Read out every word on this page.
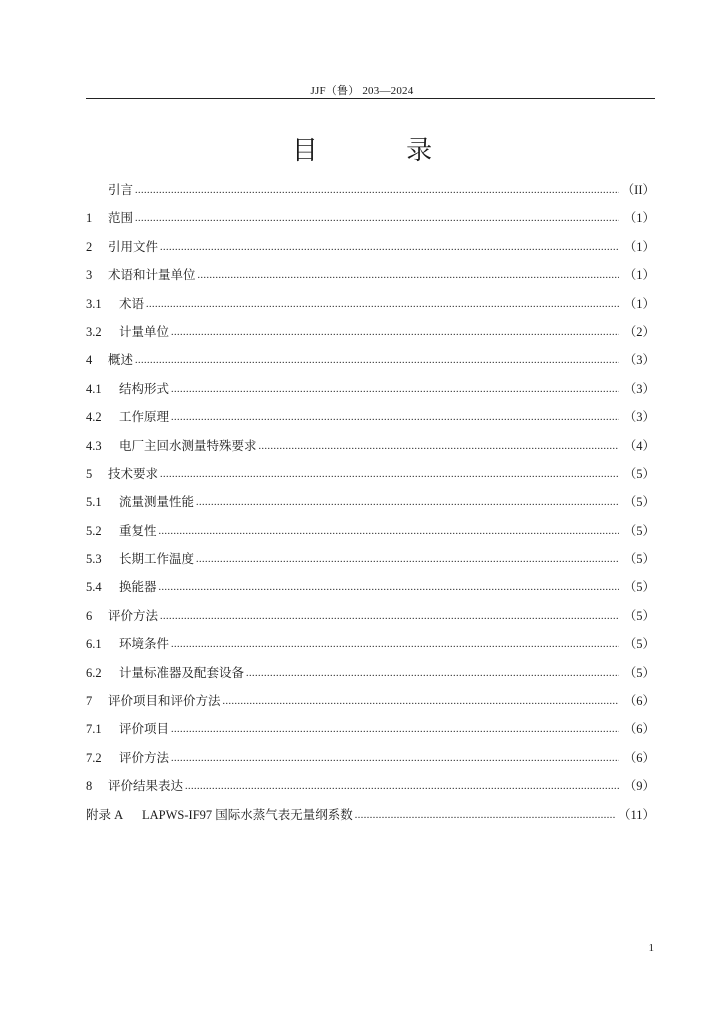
JJF（鲁） 203—2024
目 录
引言 .....	（II）
1	范围 .....	（1）
2	引用文件 .....	（1）
3	术语和计量单位 .....	（1）
3.1	术语 .....	（1）
3.2	计量单位 .....	（2）
4	概述 .....	（3）
4.1	结构形式 .....	（3）
4.2	工作原理 .....	（3）
4.3	电厂主回水测量特殊要求 .....	（4）
5	技术要求 .....	（5）
5.1	流量测量性能 .....	（5）
5.2	重复性 .....	（5）
5.3	长期工作温度 .....	（5）
5.4	换能器 .....	（5）
6	评价方法 .....	（5）
6.1	环境条件 .....	（5）
6.2	计量标准器及配套设备 .....	（5）
7	评价项目和评价方法 .....	（6）
7.1	评价项目 .....	（6）
7.2	评价方法 .....	（6）
8	评价结果表达 .....	（9）
附录 A	LAPWS-IF97 国际水蒸气表无量纲系数 .....	（11）
1
